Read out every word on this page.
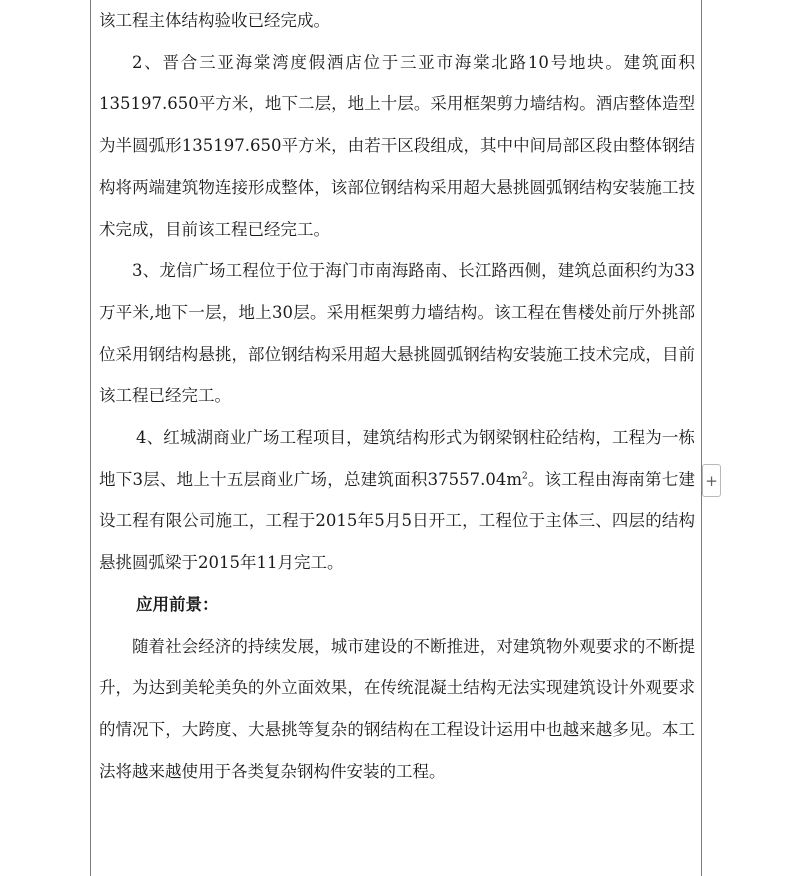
该工程主体结构验收已经完成。

2、晋合三亚海棠湾度假酒店位于三亚市海棠北路10号地块。建筑面积135197.650平方米，地下二层，地上十层。采用框架剪力墙结构。酒店整体造型为半圆弧形135197.650平方米，由若干区段组成，其中中间局部区段由整体钢结构将两端建筑物连接形成整体，该部位钢结构采用超大悬挑圆弧钢结构安装施工技术完成，目前该工程已经完工。

3、龙信广场工程位于位于海门市南海路南、长江路西侧，建筑总面积约为33万平米,地下一层，地上30层。采用框架剪力墙结构。该工程在售楼处前厅外挑部位采用钢结构悬挑，部位钢结构采用超大悬挑圆弧钢结构安装施工技术完成，目前该工程已经完工。

4、红城湖商业广场工程项目，建筑结构形式为钢梁钢柱砼结构，工程为一栋地下3层、地上十五层商业广场，总建筑面积$37557.04m^2$。该工程由海南第七建设工程有限公司施工，工程于2015年5月5日开工，工程位于主体三、四层的结构悬挑圆弧梁于2015年11月完工。

应用前景：

随着社会经济的持续发展，城市建设的不断推进，对建筑物外观要求的不断提升，为达到美轮美奂的外立面效果，在传统混凝土结构无法实现建筑设计外观要求的情况下，大跨度、大悬挑等复杂的钢结构在工程设计运用中也越来越多见。本工法将越来越使用于各类复杂钢构件安装的工程。

+
